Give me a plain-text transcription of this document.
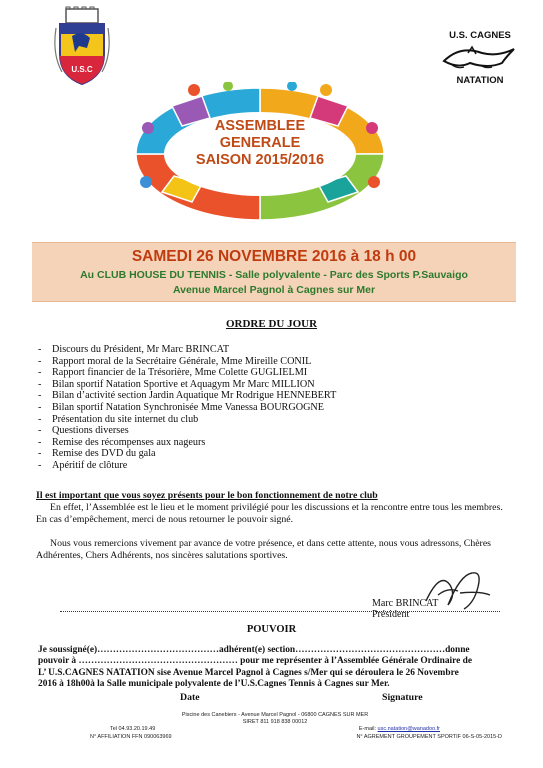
U.S.C
U.S. CAGNES
NATATION
ASSEMBLEE
GENERALE
SAISON 2015/2016
SAMEDI 26 NOVEMBRE 2016 à 18 h 00
Au CLUB HOUSE DU TENNIS - Salle polyvalente - Parc des Sports P.Sauvaigo
Avenue Marcel Pagnol à Cagnes sur Mer
ORDRE DU JOUR
- Discours du Président, Mr Marc BRINCAT
- Rapport moral de la Secrétaire Générale, Mme Mireille CONIL
- Rapport financier de la Trésorière, Mme Colette GUGLIELMI
- Bilan sportif Natation Sportive et Aquagym Mr Marc MILLION
- Bilan d’activité section Jardin Aquatique Mr Rodrigue HENNEBERT
- Bilan sportif Natation Synchronisée Mme Vanessa BOURGOGNE
- Présentation du site internet du club
- Questions diverses
- Remise des récompenses aux nageurs
- Remise des DVD du gala
- Apéritif de clôture
Il est important que vous soyez présents pour le bon fonctionnement de notre club

En effet, l’Assemblée est le lieu et le moment privilégié pour les discussions et la rencontre entre tous les membres. En cas d’empêchement, merci de nous retourner le pouvoir signé.

Nous vous remercions vivement par avance de votre présence, et dans cette attente, nous vous adressons, Chères Adhérentes, Chers Adhérents, nos sincères salutations sportives.
Marc BRINCAT
Président
POUVOIR
Je soussigné(e)…………………………………adhérent(e) section…………………………………………donne
pouvoir à …………………………………………… pour me représenter à l’Assemblée Générale Ordinaire de
L’ U.S.CAGNES NATATION sise Avenue Marcel Pagnol à Cagnes s/Mer qui se déroulera le 26 Novembre
2016 à 18h00à la Salle municipale polyvalente de l’U.S.Cagnes Tennis à Cagnes sur Mer.
Date	Signature
Piscine des Canebiers - Avenue Marcel Pagnol - 06800 CAGNES SUR MER
SIRET 811 918 838 00012
Tel 04.93.20.19.49	E-mail: usc.natation@wanadoo.fr
N° AFFILIATION FFN 090063969	N° AGREMENT GROUPEMENT SPORTIF 06-S-05-2015-D
